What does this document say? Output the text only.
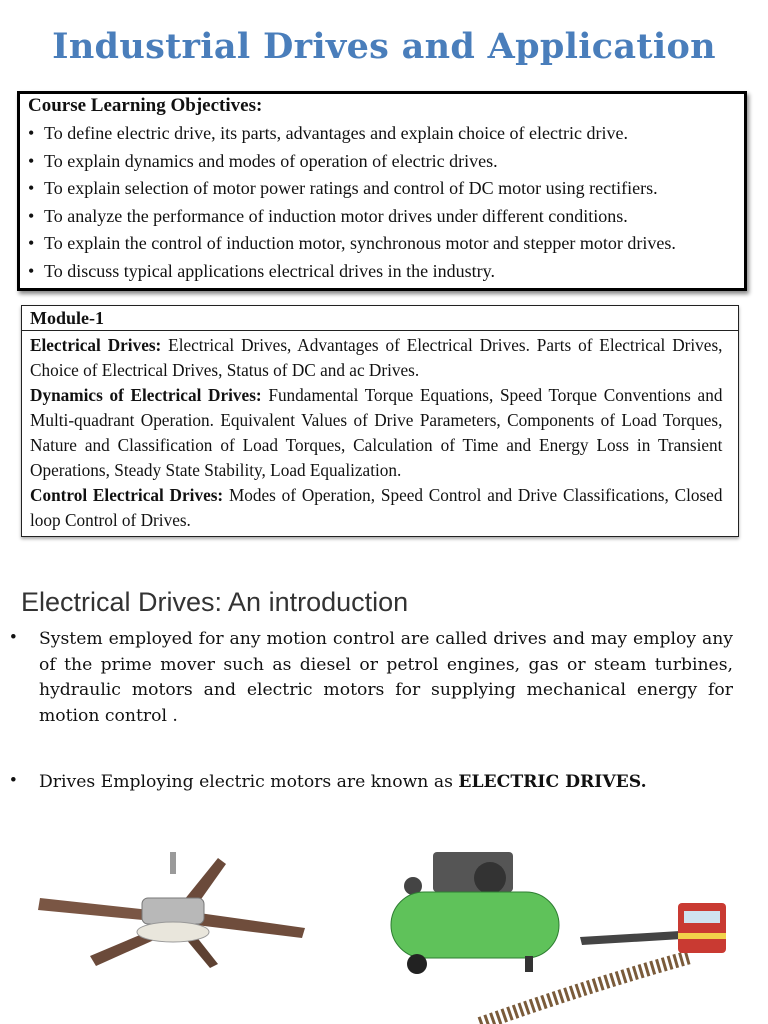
Industrial Drives and Application
Course Learning Objectives:
• To define electric drive, its parts, advantages and explain choice of electric drive.
• To explain dynamics and modes of operation of electric drives.
• To explain selection of motor power ratings and control of DC motor using rectifiers.
• To analyze the performance of induction motor drives under different conditions.
• To explain the control of induction motor, synchronous motor and stepper motor drives.
• To discuss typical applications electrical drives in the industry.
Module-1
Electrical Drives: Electrical Drives, Advantages of Electrical Drives. Parts of Electrical Drives, Choice of Electrical Drives, Status of DC and ac Drives.
Dynamics of Electrical Drives: Fundamental Torque Equations, Speed Torque Conventions and Multi-quadrant Operation. Equivalent Values of Drive Parameters, Components of Load Torques, Nature and Classification of Load Torques, Calculation of Time and Energy Loss in Transient Operations, Steady State Stability, Load Equalization.
Control Electrical Drives: Modes of Operation, Speed Control and Drive Classifications, Closed loop Control of Drives.
Electrical Drives: An introduction
• System employed for any motion control are called drives and may employ any of the prime mover such as diesel or petrol engines, gas or steam turbines, hydraulic motors and electric motors for supplying mechanical energy for motion control .
• Drives Employing electric motors are known as ELECTRIC DRIVES.
